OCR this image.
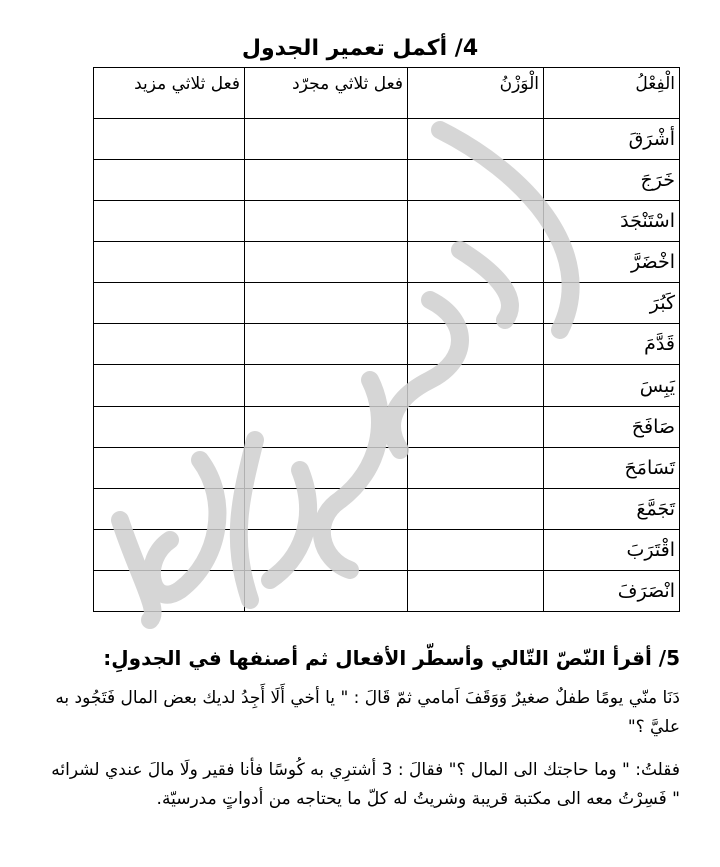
4/ أكمل تعمير الجدول
الْفِعْلُ	الْوَزْنُ	فعل ثلاثي مجرّد	فعل ثلاثي مزيد
أشْرَقَ			
خَرَجَ			
اسْتَنْجَدَ			
اخْضَرَّ			
كَبُرَ			
قَدَّمَ			
يَبِسَ			
صَافَحَ			
تَسَامَحَ			
تَجَمَّعَ			
اقْتَرَبَ			
انْصَرَفَ			
5/ أقرأ النّصّ التّالي وأسطّر الأفعال ثم أصنفها في الجدولِ:
دَنَا منّي يومًا طفلٌ صغيرٌ وَوَقَفَ اَمامي ثمّ قَالَ : " يا أخي أَلَا أَجِدُ لديك بعض المال فَتَجُود به عليَّ ؟"
فقلتُ: " وما حاجتك الى المال ؟" فقالَ : 3 أشترِي به كُوسًا فأنا فقير ولَا مالَ عندي لشرائه " فَسِرْتُ معه الى مكتبة قريبة وشريتُ له كلّ ما يحتاجه من أدواتٍ مدرسيّة.
